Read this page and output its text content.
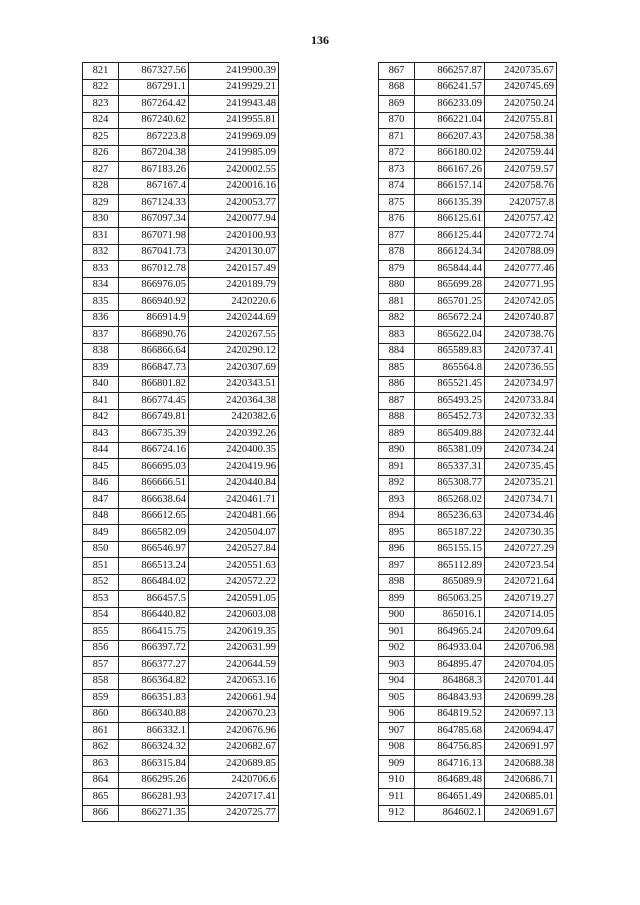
136
821	867327.56	2419900.39
822	867291.1	2419929.21
823	867264.42	2419943.48
824	867240.62	2419955.81
825	867223.8	2419969.09
826	867204.38	2419985.09
827	867183.26	2420002.55
828	867167.4	2420016.16
829	867124.33	2420053.77
830	867097.34	2420077.94
831	867071.98	2420100.93
832	867041.73	2420130.07
833	867012.78	2420157.49
834	866976.05	2420189.79
835	866940.92	2420220.6
836	866914.9	2420244.69
837	866890.76	2420267.55
838	866866.64	2420290.12
839	866847.73	2420307.69
840	866801.82	2420343.51
841	866774.45	2420364.38
842	866749.81	2420382.6
843	866735.39	2420392.26
844	866724.16	2420400.35
845	866695.03	2420419.96
846	866666.51	2420440.84
847	866638.64	2420461.71
848	866612.65	2420481.66
849	866582.09	2420504.07
850	866546.97	2420527.84
851	866513.24	2420551.63
852	866484.02	2420572.22
853	866457.5	2420591.05
854	866440.82	2420603.08
855	866415.75	2420619.35
856	866397.72	2420631.99
857	866377.27	2420644.59
858	866364.82	2420653.16
859	866351.83	2420661.94
860	866340.88	2420670.23
861	866332.1	2420676.96
862	866324.32	2420682.67
863	866315.84	2420689.85
864	866295.26	2420706.6
865	866281.93	2420717.41
866	866271.35	2420725.77
867	866257.87	2420735.67
868	866241.57	2420745.69
869	866233.09	2420750.24
870	866221.04	2420755.81
871	866207.43	2420758.38
872	866180.02	2420759.44
873	866167.26	2420759.57
874	866157.14	2420758.76
875	866135.39	2420757.8
876	866125.61	2420757.42
877	866125.44	2420772.74
878	866124.34	2420788.09
879	865844.44	2420777.46
880	865699.28	2420771.95
881	865701.25	2420742.05
882	865672.24	2420740.87
883	865622.04	2420738.76
884	865589.83	2420737.41
885	865564.8	2420736.55
886	865521.45	2420734.97
887	865493.25	2420733.84
888	865452.73	2420732.33
889	865409.88	2420732.44
890	865381.09	2420734.24
891	865337.31	2420735.45
892	865308.77	2420735.21
893	865268.02	2420734.71
894	865236.63	2420734.46
895	865187.22	2420730.35
896	865155.15	2420727.29
897	865112.89	2420723.54
898	865089.9	2420721.64
899	865063.25	2420719.27
900	865016.1	2420714.05
901	864965.24	2420709.64
902	864933.04	2420706.98
903	864895.47	2420704.05
904	864868.3	2420701.44
905	864843.93	2420699.28
906	864819.52	2420697.13
907	864785.68	2420694.47
908	864756.85	2420691.97
909	864716.13	2420688.38
910	864689.48	2420686.71
911	864651.49	2420685.01
912	864602.1	2420691.67
